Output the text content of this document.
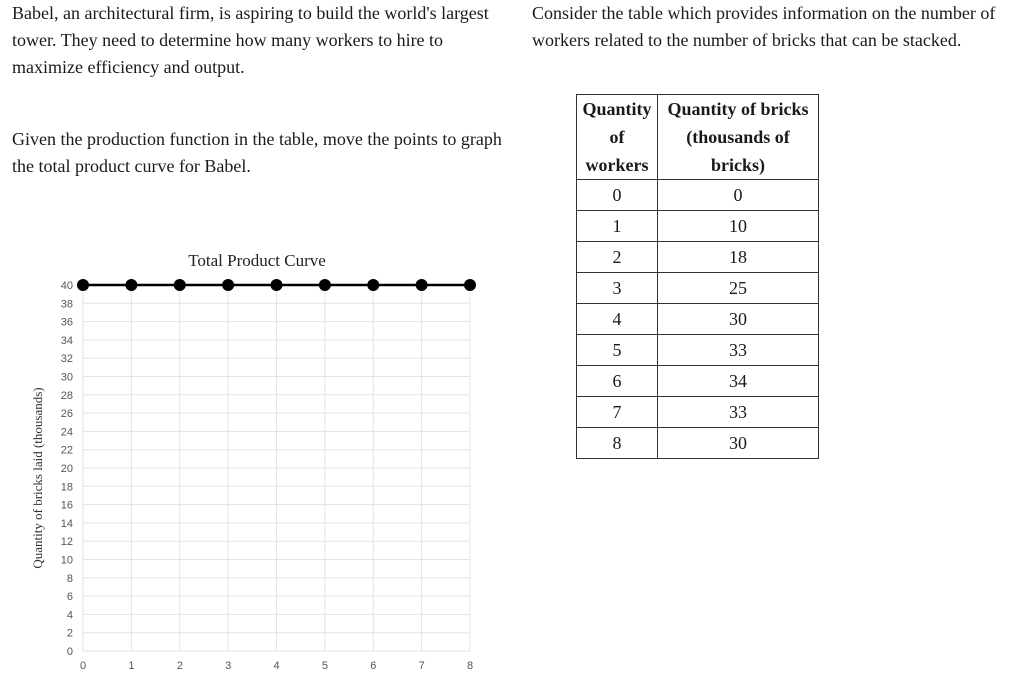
Babel, an architectural firm, is aspiring to build the world's largest tower. They need to determine how many workers to hire to maximize efficiency and output.

Given the production function in the table, move the points to graph the total product curve for Babel.

Consider the table which provides information on the number of workers related to the number of bricks that can be stacked.

Quantity
of
workers	Quantity of bricks
(thousands of
bricks)
0	0
1	10
2	18
3	25
4	30
5	33
6	34
7	33
8	30
Total Product Curve
0
2
4
6
8
10
12
14
16
18
20
22
24
26
28
30
32
34
36
38
40
0	1	2	3	4	5	6	7	8
Quantity of bricks laid (thousands)
